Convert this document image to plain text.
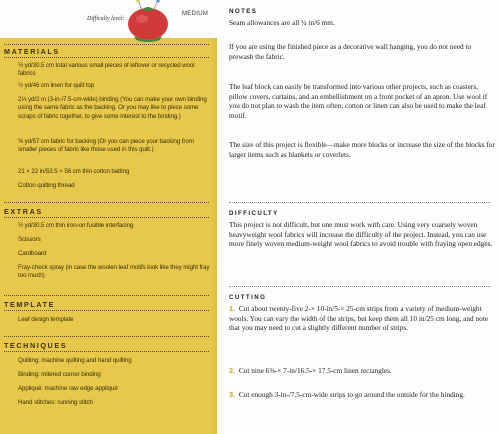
Difficulty level:
MEDIUM
MATERIALS
½ yd/30.5 cm total various small pieces of leftover or recycled wool fabrics
½ yd/46 cm linen for quilt top
2⅓ yd/2 m (3-in-/7.5-cm-wide) binding (You can make your own binding using the same fabric as the backing. Or you may like to piece some scraps of fabric together, to give some interest to the binding.)
⅝ yd/57 cm fabric for backing (Or you can piece your backing from smaller pieces of fabric like those used in this quilt.)
21 × 22 in/53.5 × 56 cm thin cotton batting
Cotton quilting thread
EXTRAS
½ yd/30.5 cm thin iron-on fusible interfacing
Scissors
Cardboard
Fray-check spray (in case the woolen leaf motifs look like they might fray too much)
TEMPLATE
Leaf design template
TECHNIQUES
Quilting: machine quilting and hand quilting
Binding: mitered corner binding
Appliqué: machine raw edge appliqué
Hand stitches: running stitch
NOTES
Seam allowances are all ¼ in/6 mm.
If you are using the finished piece as a decorative wall hanging, you do not need to prewash the fabric.
The leaf block can easily be transformed into various other projects, such as coasters, pillow covers, curtains, and an embellishment on a front pocket of an apron. Use wool if you do not plan to wash the item often; cotton or linen can also be used to make the leaf motif.
The size of this project is flexible—make more blocks or increase the size of the blocks for larger items such as blankets or coverlets.
DIFFICULTY
This project is not difficult, but one must work with care. Using very coarsely woven heavyweight wool fabrics will increase the difficulty of the project. Instead, you can use more finely woven medium-weight wool fabrics to avoid trouble with fraying open edges.
CUTTING
1. Cut about twenty-five 2-× 10-in/5-× 25-cm strips from a variety of medium-weight wools. You can vary the width of the strips, but keep them all 10 in/25 cm long, and note that you may need to cut a slightly different number of strips.
2. Cut nine 6⅜-× 7-in/16.5-× 17.5-cm linen rectangles.
3. Cut enough 3-in-/7.5-cm-wide strips to go around the outside for the binding.
